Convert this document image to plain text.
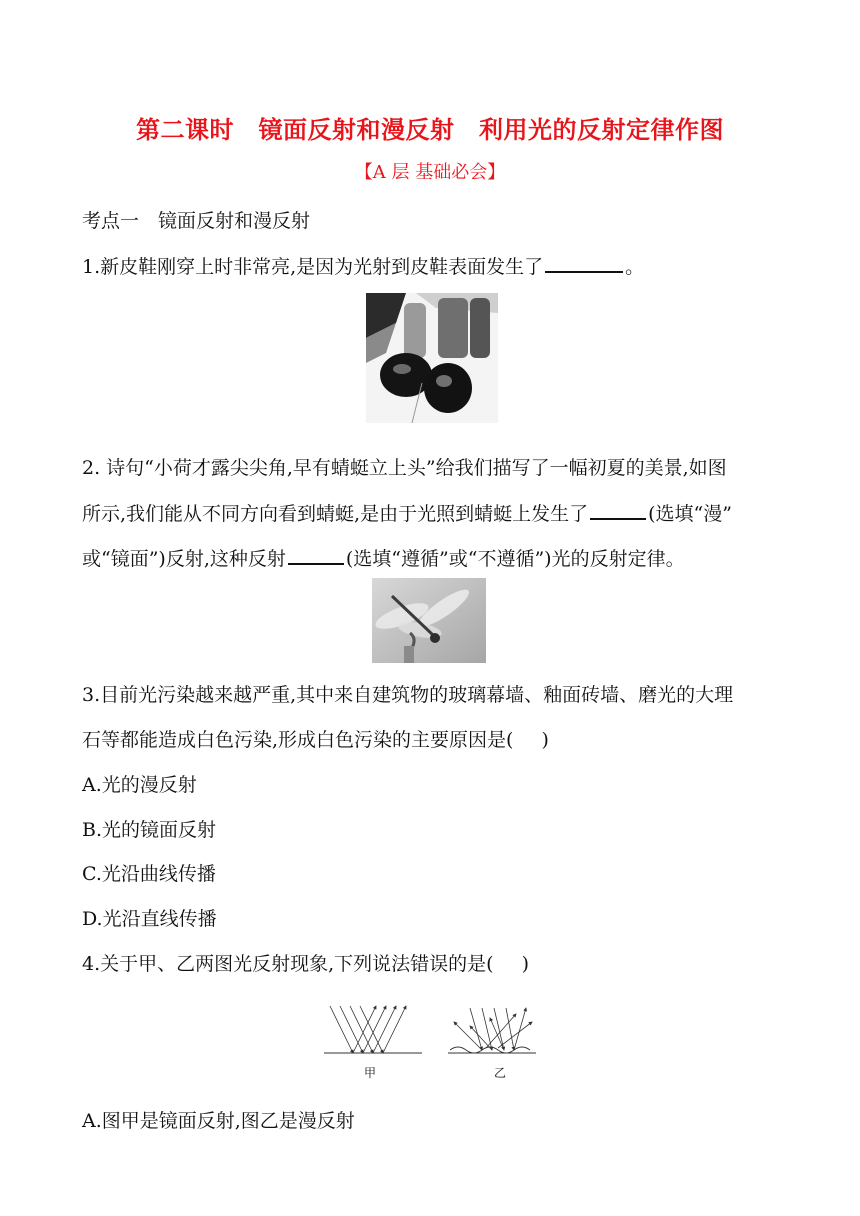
第二课时　镜面反射和漫反射　利用光的反射定律作图
【A 层 基础必会】
考点一　镜面反射和漫反射
1.新皮鞋刚穿上时非常亮,是因为光射到皮鞋表面发生了	。
2. 诗句“小荷才露尖尖角,早有蜻蜓立上头”给我们描写了一幅初夏的美景,如图
所示,我们能从不同方向看到蜻蜓,是由于光照到蜻蜓上发生了	(选填“漫”
或“镜面”)反射,这种反射	(选填“遵循”或“不遵循”)光的反射定律。
3.目前光污染越来越严重,其中来自建筑物的玻璃幕墙、釉面砖墙、磨光的大理
石等都能造成白色污染,形成白色污染的主要原因是( )
A.光的漫反射
B.光的镜面反射
C.光沿曲线传播
D.光沿直线传播
4.关于甲、乙两图光反射现象,下列说法错误的是( )
甲	乙
A.图甲是镜面反射,图乙是漫反射
